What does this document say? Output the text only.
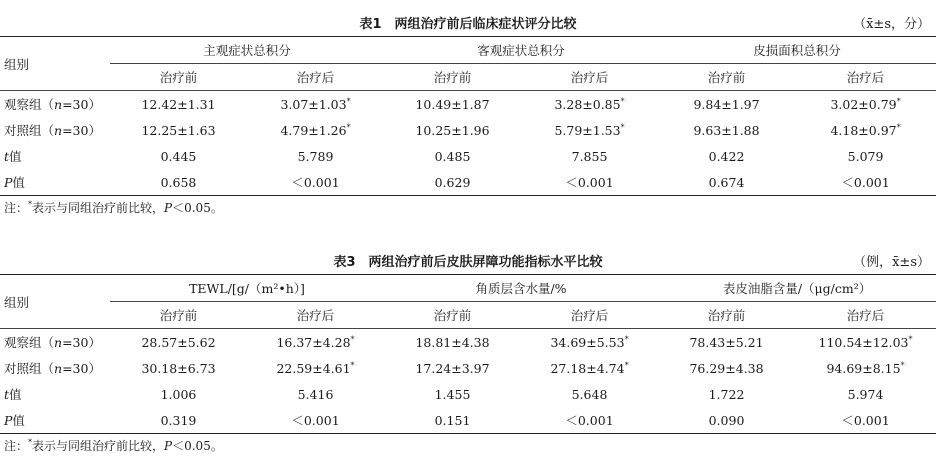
表1　两组治疗前后临床症状评分比较	（x̄±s，分）
组别	主观症状总积分		客观症状总积分		皮损面积总积分	
	治疗前	治疗后	治疗前	治疗后	治疗前	治疗后
观察组（n=30）	12.42±1.31	3.07±1.03*	10.49±1.87	3.28±0.85*	9.84±1.97	3.02±0.79*
对照组（n=30）	12.25±1.63	4.79±1.26*	10.25±1.96	5.79±1.53*	9.63±1.88	4.18±0.97*
t值	0.445	5.789	0.485	7.855	0.422	5.079
P值	0.658	＜0.001	0.629	＜0.001	0.674	＜0.001
注：*表示与同组治疗前比较，P＜0.05。
表3　两组治疗前后皮肤屏障功能指标水平比较	（例，x̄±s）
组别	TEWL/[g/（m²•h）]		角质层含水量/%		表皮油脂含量/（μg/cm²）	
	治疗前	治疗后	治疗前	治疗后	治疗前	治疗后
观察组（n=30）	28.57±5.62	16.37±4.28*	18.81±4.38	34.69±5.53*	78.43±5.21	110.54±12.03*
对照组（n=30）	30.18±6.73	22.59±4.61*	17.24±3.97	27.18±4.74*	76.29±4.38	94.69±8.15*
t值	1.006	5.416	1.455	5.648	1.722	5.974
P值	0.319	＜0.001	0.151	＜0.001	0.090	＜0.001
注：*表示与同组治疗前比较，P＜0.05。
